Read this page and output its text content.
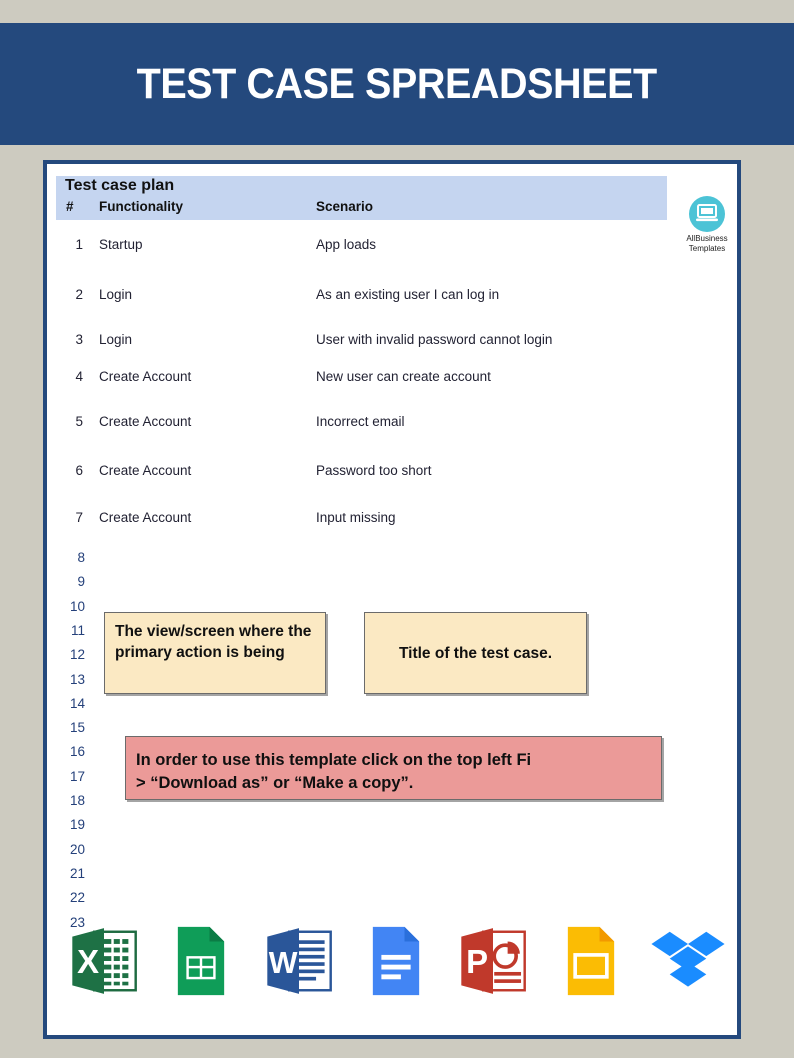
TEST CASE SPREADSHEET
Test case plan
# Functionality	Scenario
AllBusiness
Templates
1 Startup	App loads
2 Login	As an existing user I can log in
3 Login	User with invalid password cannot login
4 Create Account	New user can create account
5 Create Account	Incorrect email
6 Create Account	Password too short
7 Create Account	Input missing
8
9
10
11
12
13
14
15
16
17
18
19
20
21
22
23
The view/screen where the primary action is being	Title of the test case.
In order to use this template click on the top left Fi
> “Download as” or “Make a copy”.
X	W	P
